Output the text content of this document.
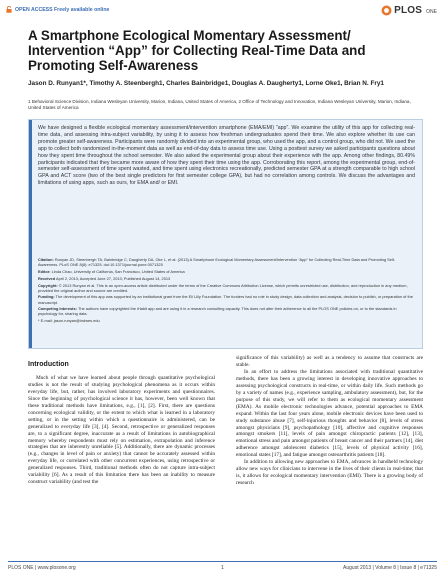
OPEN ACCESS Freely available online	PLOS ONE
A Smartphone Ecological Momentary Assessment/ Intervention “App” for Collecting Real-Time Data and Promoting Self-Awareness
Jason D. Runyan1*, Timothy A. Steenbergh1, Charles Bainbridge1, Douglas A. Daugherty1, Lorne Oke1, Brian N. Fry1
1 Behavioral Science Division, Indiana Wesleyan University, Marion, Indiana, United States of America, 2 Office of Technology and Innovation, Indiana Wesleyan University, Marion, Indiana, United States of America
We have designed a flexible ecological momentary assessment/intervention smartphone (EMA/EMI) “app”. We examine the utility of this app for collecting real-time data, and assessing intra-subject variability, by using it to assess how freshman undergraduates spend their time. We also explore whether its use can promote greater self-awareness. Participants were randomly divided into an experimental group, who used the app, and a control group, who did not. We used the app to collect both randomized in-the-moment data as well as end-of-day data to assess time use. Using a posttest survey we asked participants questions about how they spent time throughout the school semester. We also asked the experimental group about their experience with the app. Among other findings, 80.49% participants indicated that they became more aware of how they spent their time using the app. Corroborating this report, among the experimental group, end-of-semester self-assessment of time spent wasted, and time spent using electronics recreationally, predicted semester GPA at a strength comparable to high school GPA and ACT score (two of the best single predictors for first semester college GPA), but had no correlation among controls. We discuss the advantages and limitations of using apps, such as ours, for EMA and/ or EMI.

Citation: Runyan JD, Steenbergh TA, Bainbridge C, Daugherty DA, Oke L, et al. (2013) A Smartphone Ecological Momentary Assessment/Intervention “App” for Collecting Real-Time Data and Promoting Self-Awareness. PLoS ONE 8(8): e71325. doi:10.1371/journal.pone.0071325

Editor: Linda Chao, University of California, San Francisco, United States of America

Received April 2, 2013; Accepted June 27, 2013; Published August 14, 2013

Copyright: © 2013 Runyan et al. This is an open-access article distributed under the terms of the Creative Commons Attribution License, which permits unrestricted use, distribution, and reproduction in any medium, provided the original author and source are credited.

Funding: The development of this app was supported by an institutional grant from the Eli Lilly Foundation. The funders had no role in study design, data collection and analysis, decision to publish, or preparation of the manuscript.

Competing Interests: The authors have copyrighted the iHabit app and are using it in a research consulting capacity. This does not alter their adherence to all the PLOS ONE policies on, or to the standards in psychology for, sharing data.

* E-mail: jason.runyan@indwes.edu

Introduction

Much of what we have learned about people through quantitative psychological studies is not the result of studying psychological phenomena as it occurs within everyday life, but, rather, has involved laboratory experiments and questionnaires. Since the beginning of psychological science it has, however, been well known that these traditional methods have limitations, e.g., [1], [2]. First, there are questions concerning ecological validity, or the extent to which what is learned in a laboratory setting, or in the setting within which a questionnaire is administered, can be generalized to everyday life [3], [4]. Second, retrospective or generalized responses are, to a significant degree, inaccurate as a result of limitations in autobiographical memory whereby respondents must rely on estimation, extrapolation and inference strategies that are inherently unreliable [5]. Additionally, there are dynamic processes (e.g., changes in level of pain or anxiety) that cannot be accurately assessed within everyday life, or correlated with other concurrent experiences, using retrospective or generalized responses. Third, traditional methods often do not capture intra-subject variability [6]. As a result of this limitation there has been an inability to measure construct variability (and test the

significance of this variability) as well as a tendency to assume that constructs are stable.

In an effort to address the limitations associated with traditional quantitative methods, there has been a growing interest in developing innovative approaches to assessing psychological constructs in real-time, or within daily life. Such methods go by a variety of names (e.g., experience sampling, ambulatory assessment), but, for the purpose of this study, we will refer to them as ecological momentary assessment (EMA). As mobile electronic technologies advance, potential approaches to EMA expand. Within the last four years alone, mobile electronic devices have been used to study substance abuse [7], self-injurious thoughts and behavior [8], levels of stress amongst physicians [9], psychopathology [10], affective and cognitive responses amongst smokers [11], levels of pain amongst chiropractic patients [12], [13], emotional stress and pain amongst patients of breast cancer and their partners [14], diet adherence amongst adolescent diabetics [15], levels of physical activity [16], emotional states [17], and fatigue amongst osteoarthritis patients [18].

In addition to allowing new approaches to EMA, advances in handheld technology allow new ways for clinicians to intervene in the lives of their clients in real-time; that is, it allows for ecological momentary intervention (EMI). There is a growing body of research

PLOS ONE | www.plosone.org	1	August 2013 | Volume 8 | Issue 8 | e71325
